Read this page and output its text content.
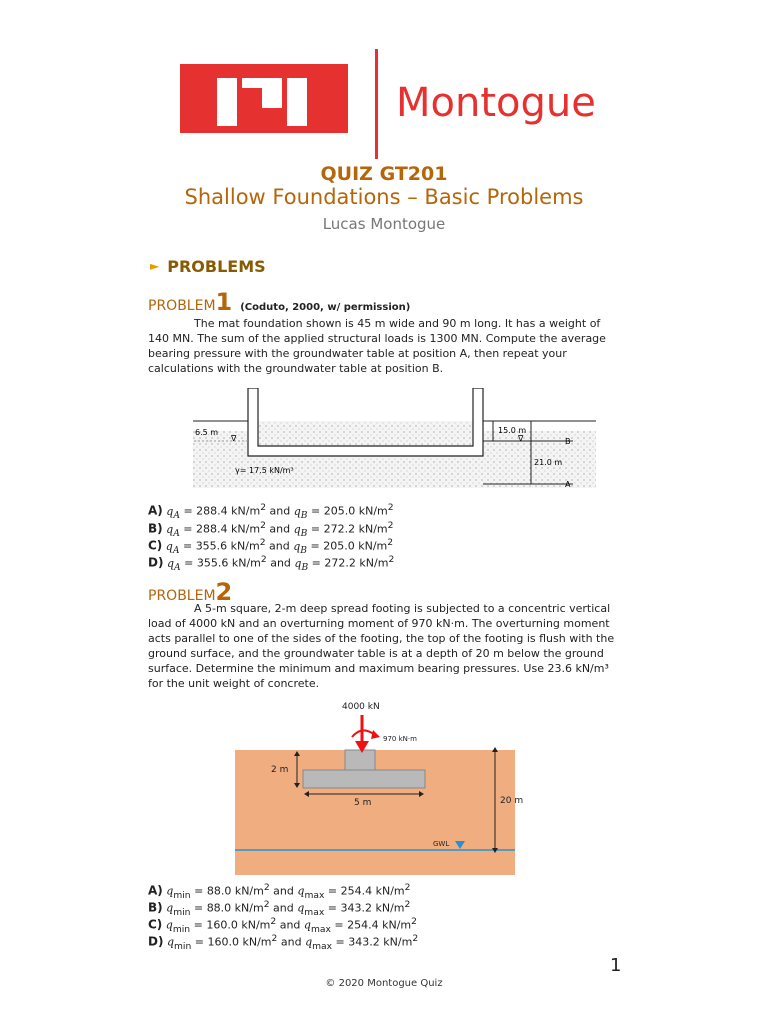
Montogue
QUIZ GT201
Shallow Foundations – Basic Problems
Lucas Montogue
► PROBLEMS
PROBLEM1 (Coduto, 2000, w/ permission)
The mat foundation shown is 45 m wide and 90 m long. It has a weight of 140 MN. The sum of the applied structural loads is 1300 MN. Compute the average bearing pressure with the groundwater table at position A, then repeat your calculations with the groundwater table at position B.
6.5 m
∇
15.0 m
∇
21.0 m
γ= 17.5 kN/m³
B
A
A) $q_A = 288.4$ $kN/m^2$ and $q_B = 205.0$ $kN/m^2$
B) $q_A = 288.4$ $kN/m^2$ and $q_B = 272.2$ $kN/m^2$
C) $q_A = 355.6$ $kN/m^2$ and $q_B = 205.0$ $kN/m^2$
D) $q_A = 355.6$ $kN/m^2$ and $q_B = 272.2$ $kN/m^2$
PROBLEM2
A 5-m square, 2-m deep spread footing is subjected to a concentric vertical load of 4000 kN and an overturning moment of 970 kN·m. The overturning moment acts parallel to one of the sides of the footing, the top of the footing is flush with the ground surface, and the groundwater table is at a depth of 20 m below the ground surface. Determine the minimum and maximum bearing pressures. Use 23.6 kN/m³ for the unit weight of concrete.
4000 kN
970 kN·m
2 m
5 m	20 m
GWL
A) $q_{min} = 88.0$ $kN/m^2$ and $q_{max} = 254.4$ $kN/m^2$
B) $q_{min} = 88.0$ $kN/m^2$ and $q_{max} = 343.2$ $kN/m^2$
C) $q_{min} = 160.0$ $kN/m^2$ and $q_{max} = 254.4$ $kN/m^2$
D) $q_{min} = 160.0$ $kN/m^2$ and $q_{max} = 343.2$ $kN/m^2$
1
© 2020 Montogue Quiz
